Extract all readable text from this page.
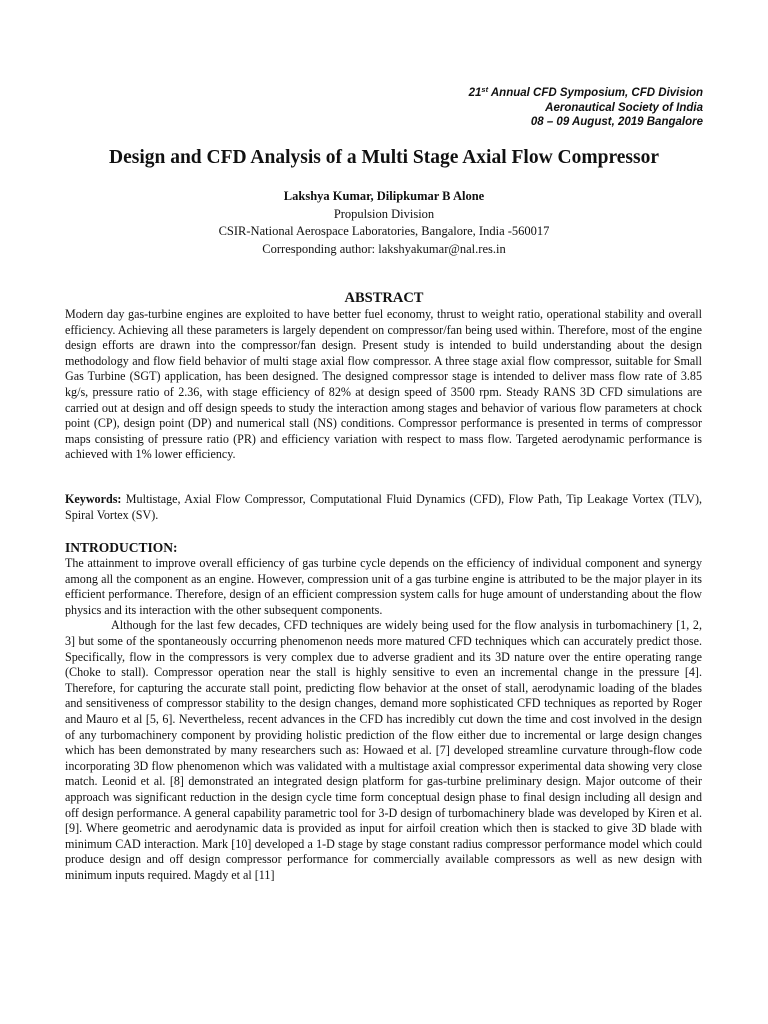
21st Annual CFD Symposium, CFD Division
Aeronautical Society of India
08 – 09 August, 2019 Bangalore
Design and CFD Analysis of a Multi Stage Axial Flow Compressor
Lakshya Kumar, Dilipkumar B Alone
Propulsion Division
CSIR-National Aerospace Laboratories, Bangalore, India -560017
Corresponding author: lakshyakumar@nal.res.in
ABSTRACT

Modern day gas-turbine engines are exploited to have better fuel economy, thrust to weight ratio, operational stability and overall efficiency. Achieving all these parameters is largely dependent on compressor/fan being used within. Therefore, most of the engine design efforts are drawn into the compressor/fan design. Present study is intended to build understanding about the design methodology and flow field behavior of multi stage axial flow compressor. A three stage axial flow compressor, suitable for Small Gas Turbine (SGT) application, has been designed. The designed compressor stage is intended to deliver mass flow rate of 3.85 kg/s, pressure ratio of 2.36, with stage efficiency of 82% at design speed of 3500 rpm. Steady RANS 3D CFD simulations are carried out at design and off design speeds to study the interaction among stages and behavior of various flow parameters at chock point (CP), design point (DP) and numerical stall (NS) conditions. Compressor performance is presented in terms of compressor maps consisting of pressure ratio (PR) and efficiency variation with respect to mass flow. Targeted aerodynamic performance is achieved with 1% lower efficiency.

Keywords: Multistage, Axial Flow Compressor, Computational Fluid Dynamics (CFD), Flow Path, Tip Leakage Vortex (TLV), Spiral Vortex (SV).

INTRODUCTION:

The attainment to improve overall efficiency of gas turbine cycle depends on the efficiency of individual component and synergy among all the component as an engine. However, compression unit of a gas turbine engine is attributed to be the major player in its efficient performance. Therefore, design of an efficient compression system calls for huge amount of understanding about the flow physics and its interaction with the other subsequent components.

Although for the last few decades, CFD techniques are widely being used for the flow analysis in turbomachinery [1, 2, 3] but some of the spontaneously occurring phenomenon needs more matured CFD techniques which can accurately predict those. Specifically, flow in the compressors is very complex due to adverse gradient and its 3D nature over the entire operating range (Choke to stall). Compressor operation near the stall is highly sensitive to even an incremental change in the pressure [4]. Therefore, for capturing the accurate stall point, predicting flow behavior at the onset of stall, aerodynamic loading of the blades and sensitiveness of compressor stability to the design changes, demand more sophisticated CFD techniques as reported by Roger and Mauro et al [5, 6]. Nevertheless, recent advances in the CFD has incredibly cut down the time and cost involved in the design of any turbomachinery component by providing holistic prediction of the flow either due to incremental or large design changes which has been demonstrated by many researchers such as: Howaed et al. [7] developed streamline curvature through-flow code incorporating 3D flow phenomenon which was validated with a multistage axial compressor experimental data showing very close match. Leonid et al. [8] demonstrated an integrated design platform for gas-turbine preliminary design. Major outcome of their approach was significant reduction in the design cycle time form conceptual design phase to final design including all design and off design performance. A general capability parametric tool for 3-D design of turbomachinery blade was developed by Kiren et al. [9]. Where geometric and aerodynamic data is provided as input for airfoil creation which then is stacked to give 3D blade with minimum CAD interaction. Mark [10] developed a 1-D stage by stage constant radius compressor performance model which could produce design and off design compressor performance for commercially available compressors as well as new design with minimum inputs required. Magdy et al [11]
